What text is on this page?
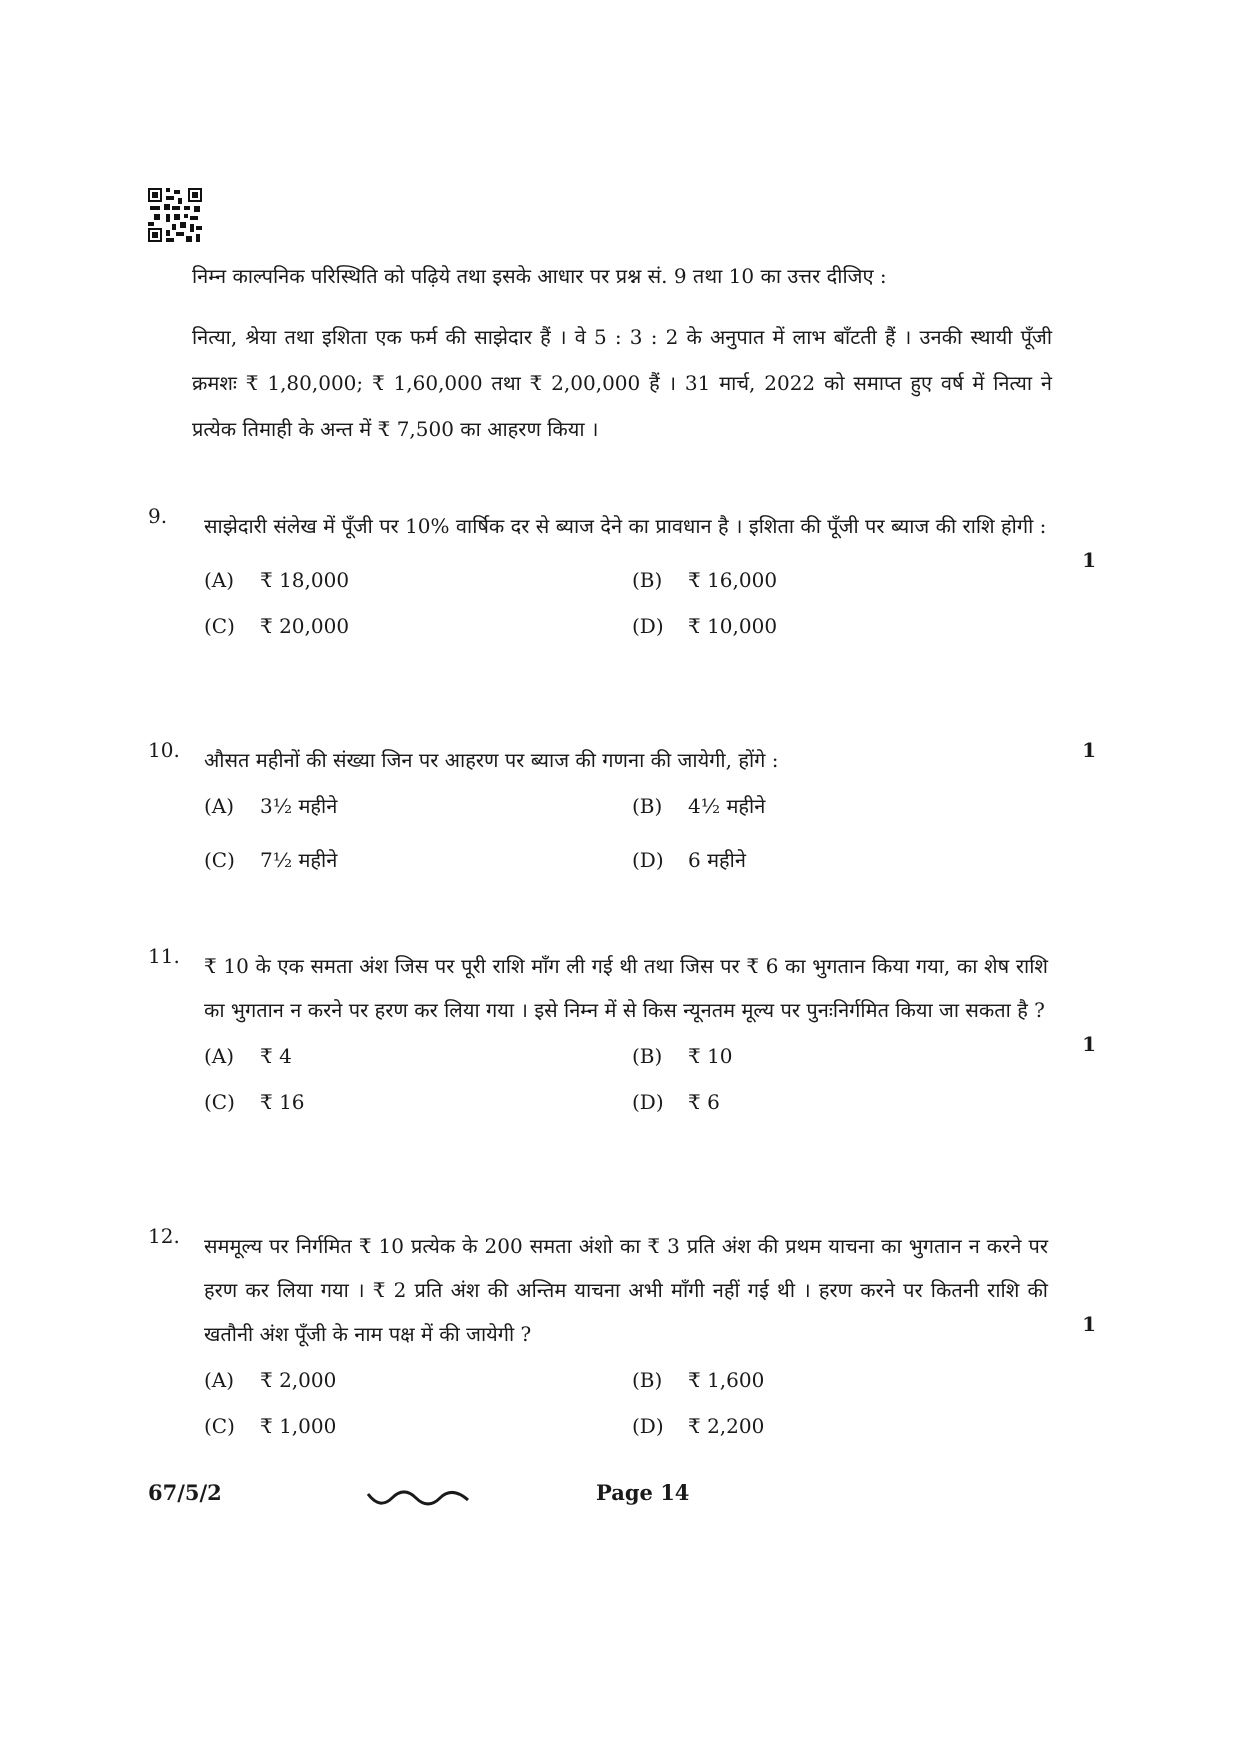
निम्न काल्पनिक परिस्थिति को पढ़िये तथा इसके आधार पर प्रश्न सं. 9 तथा 10 का उत्तर दीजिए :

नित्या, श्रेया तथा इशिता एक फर्म की साझेदार हैं । वे 5 : 3 : 2 के अनुपात में लाभ बाँटती हैं । उनकी स्थायी पूँजी क्रमशः ₹ 1,80,000; ₹ 1,60,000 तथा ₹ 2,00,000 हैं । 31 मार्च, 2022 को समाप्त हुए वर्ष में नित्या ने प्रत्येक तिमाही के अन्त में ₹ 7,500 का आहरण किया ।

9.	साझेदारी संलेख में पूँजी पर 10% वार्षिक दर से ब्याज देने का प्रावधान है । इशिता की पूँजी पर ब्याज की राशि होगी :
1
(A) ₹ 18,000	(B) ₹ 16,000
(C) ₹ 20,000	(D) ₹ 10,000
10.	औसत महीनों की संख्या जिन पर आहरण पर ब्याज की गणना की जायेगी, होंगे :	1
(A) 3½ महीने	(B) 4½ महीने
(C) 7½ महीने	(D) 6 महीने
11.	₹ 10 के एक समता अंश जिस पर पूरी राशि माँग ली गई थी तथा जिस पर ₹ 6 का भुगतान किया गया, का शेष राशि का भुगतान न करने पर हरण कर लिया गया । इसे निम्न में से किस न्यूनतम मूल्य पर पुनःनिर्गमित किया जा सकता है ?
1
(A) ₹ 4	(B) ₹ 10
(C) ₹ 16	(D) ₹ 6
12.	सममूल्य पर निर्गमित ₹ 10 प्रत्येक के 200 समता अंशो का ₹ 3 प्रति अंश की प्रथम याचना का भुगतान न करने पर हरण कर लिया गया । ₹ 2 प्रति अंश की अन्तिम याचना अभी माँगी नहीं गई थी । हरण करने पर कितनी राशि की खतौनी अंश पूँजी के नाम पक्ष में की जायेगी ?	1
(A) ₹ 2,000	(B) ₹ 1,600
(C) ₹ 1,000	(D) ₹ 2,200
67/5/2	Page 14
